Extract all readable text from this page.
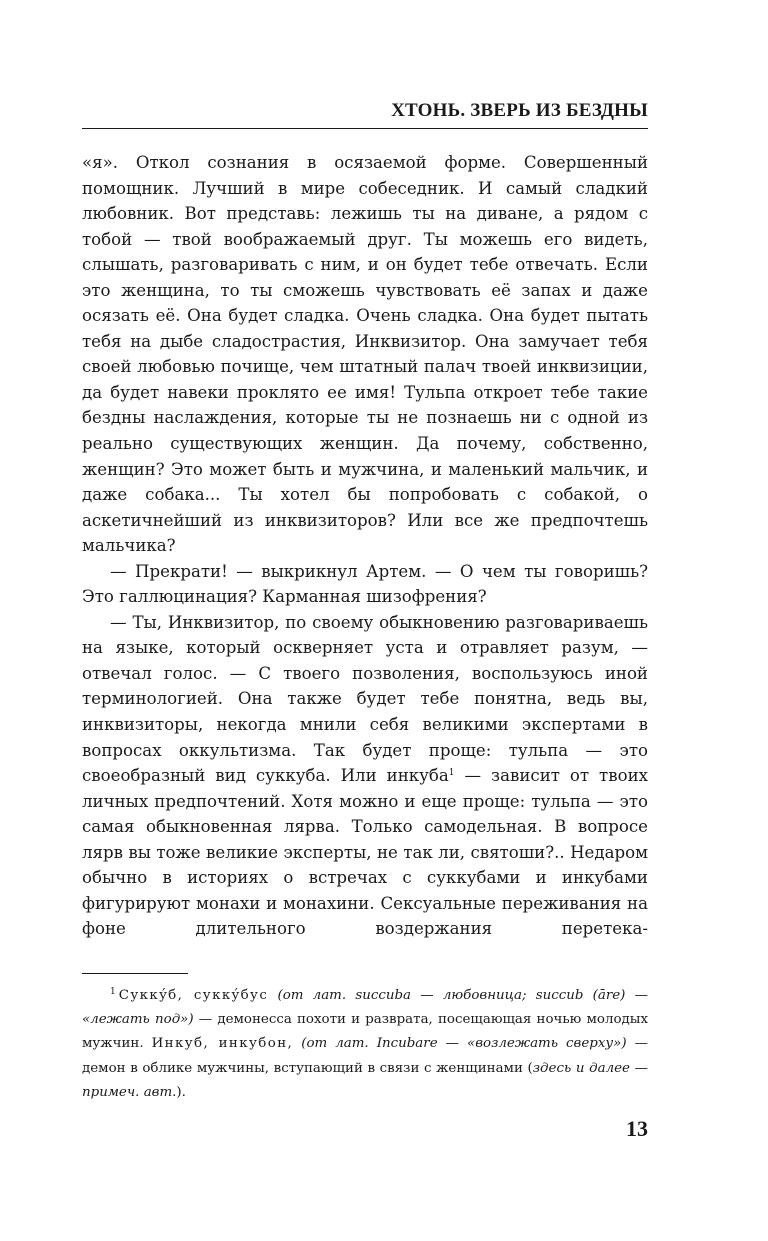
ХТОНЬ. ЗВЕРЬ ИЗ БЕЗДНЫ

«я». Откол сознания в осязаемой форме. Совершенный помощник. Лучший в мире собеседник. И самый сладкий любовник. Вот представь: лежишь ты на диване, а рядом с тобой — твой воображаемый друг. Ты можешь его видеть, слышать, разговаривать с ним, и он будет тебе отвечать. Если это женщина, то ты сможешь чувствовать её запах и даже осязать её. Она будет сладка. Очень сладка. Она будет пытать тебя на дыбе сладострастия, Инквизитор. Она замучает тебя своей любовью почище, чем штатный палач твоей инквизиции, да будет навеки проклято ее имя! Тульпа откроет тебе такие бездны наслаждения, которые ты не познаешь ни с одной из реально существующих женщин. Да почему, собственно, женщин? Это может быть и мужчина, и маленький мальчик, и даже собака... Ты хотел бы попробовать с собакой, о аскетичнейший из инквизиторов? Или все же предпочтешь мальчика?

— Прекрати! — выкрикнул Артем. — О чем ты говоришь? Это галлюцинация? Карманная шизофрения?

— Ты, Инквизитор, по своему обыкновению разговариваешь на языке, который оскверняет уста и отравляет разум, — отвечал голос. — С твоего позволения, воспользуюсь иной терминологией. Она также будет тебе понятна, ведь вы, инквизиторы, некогда мнили себя великими экспертами в вопросах оккультизма. Так будет проще: тульпа — это своеобразный вид суккуба. Или инкуба$^1$ — зависит от твоих личных предпочтений. Хотя можно и еще проще: тульпа — это самая обыкновенная лярва. Только самодельная. В вопросе лярв вы тоже великие эксперты, не так ли, святоши?.. Недаром обычно в историях о встречах с суккубами и инкубами фигурируют монахи и монахини. Сексуальные переживания на фоне длительного воздержания перетека-

$^1$ Суккýб, суккýбус (от лат. succuba — любовница; succub (āre) — «лежать под») — демонесса похоти и разврата, посещающая ночью молодых мужчин. Инкуб, инкубон, (от лат. Incubare — «возлежать сверху») — демон в облике мужчины, вступающий в связи с женщинами (здесь и далее — примеч. авт.).
13
